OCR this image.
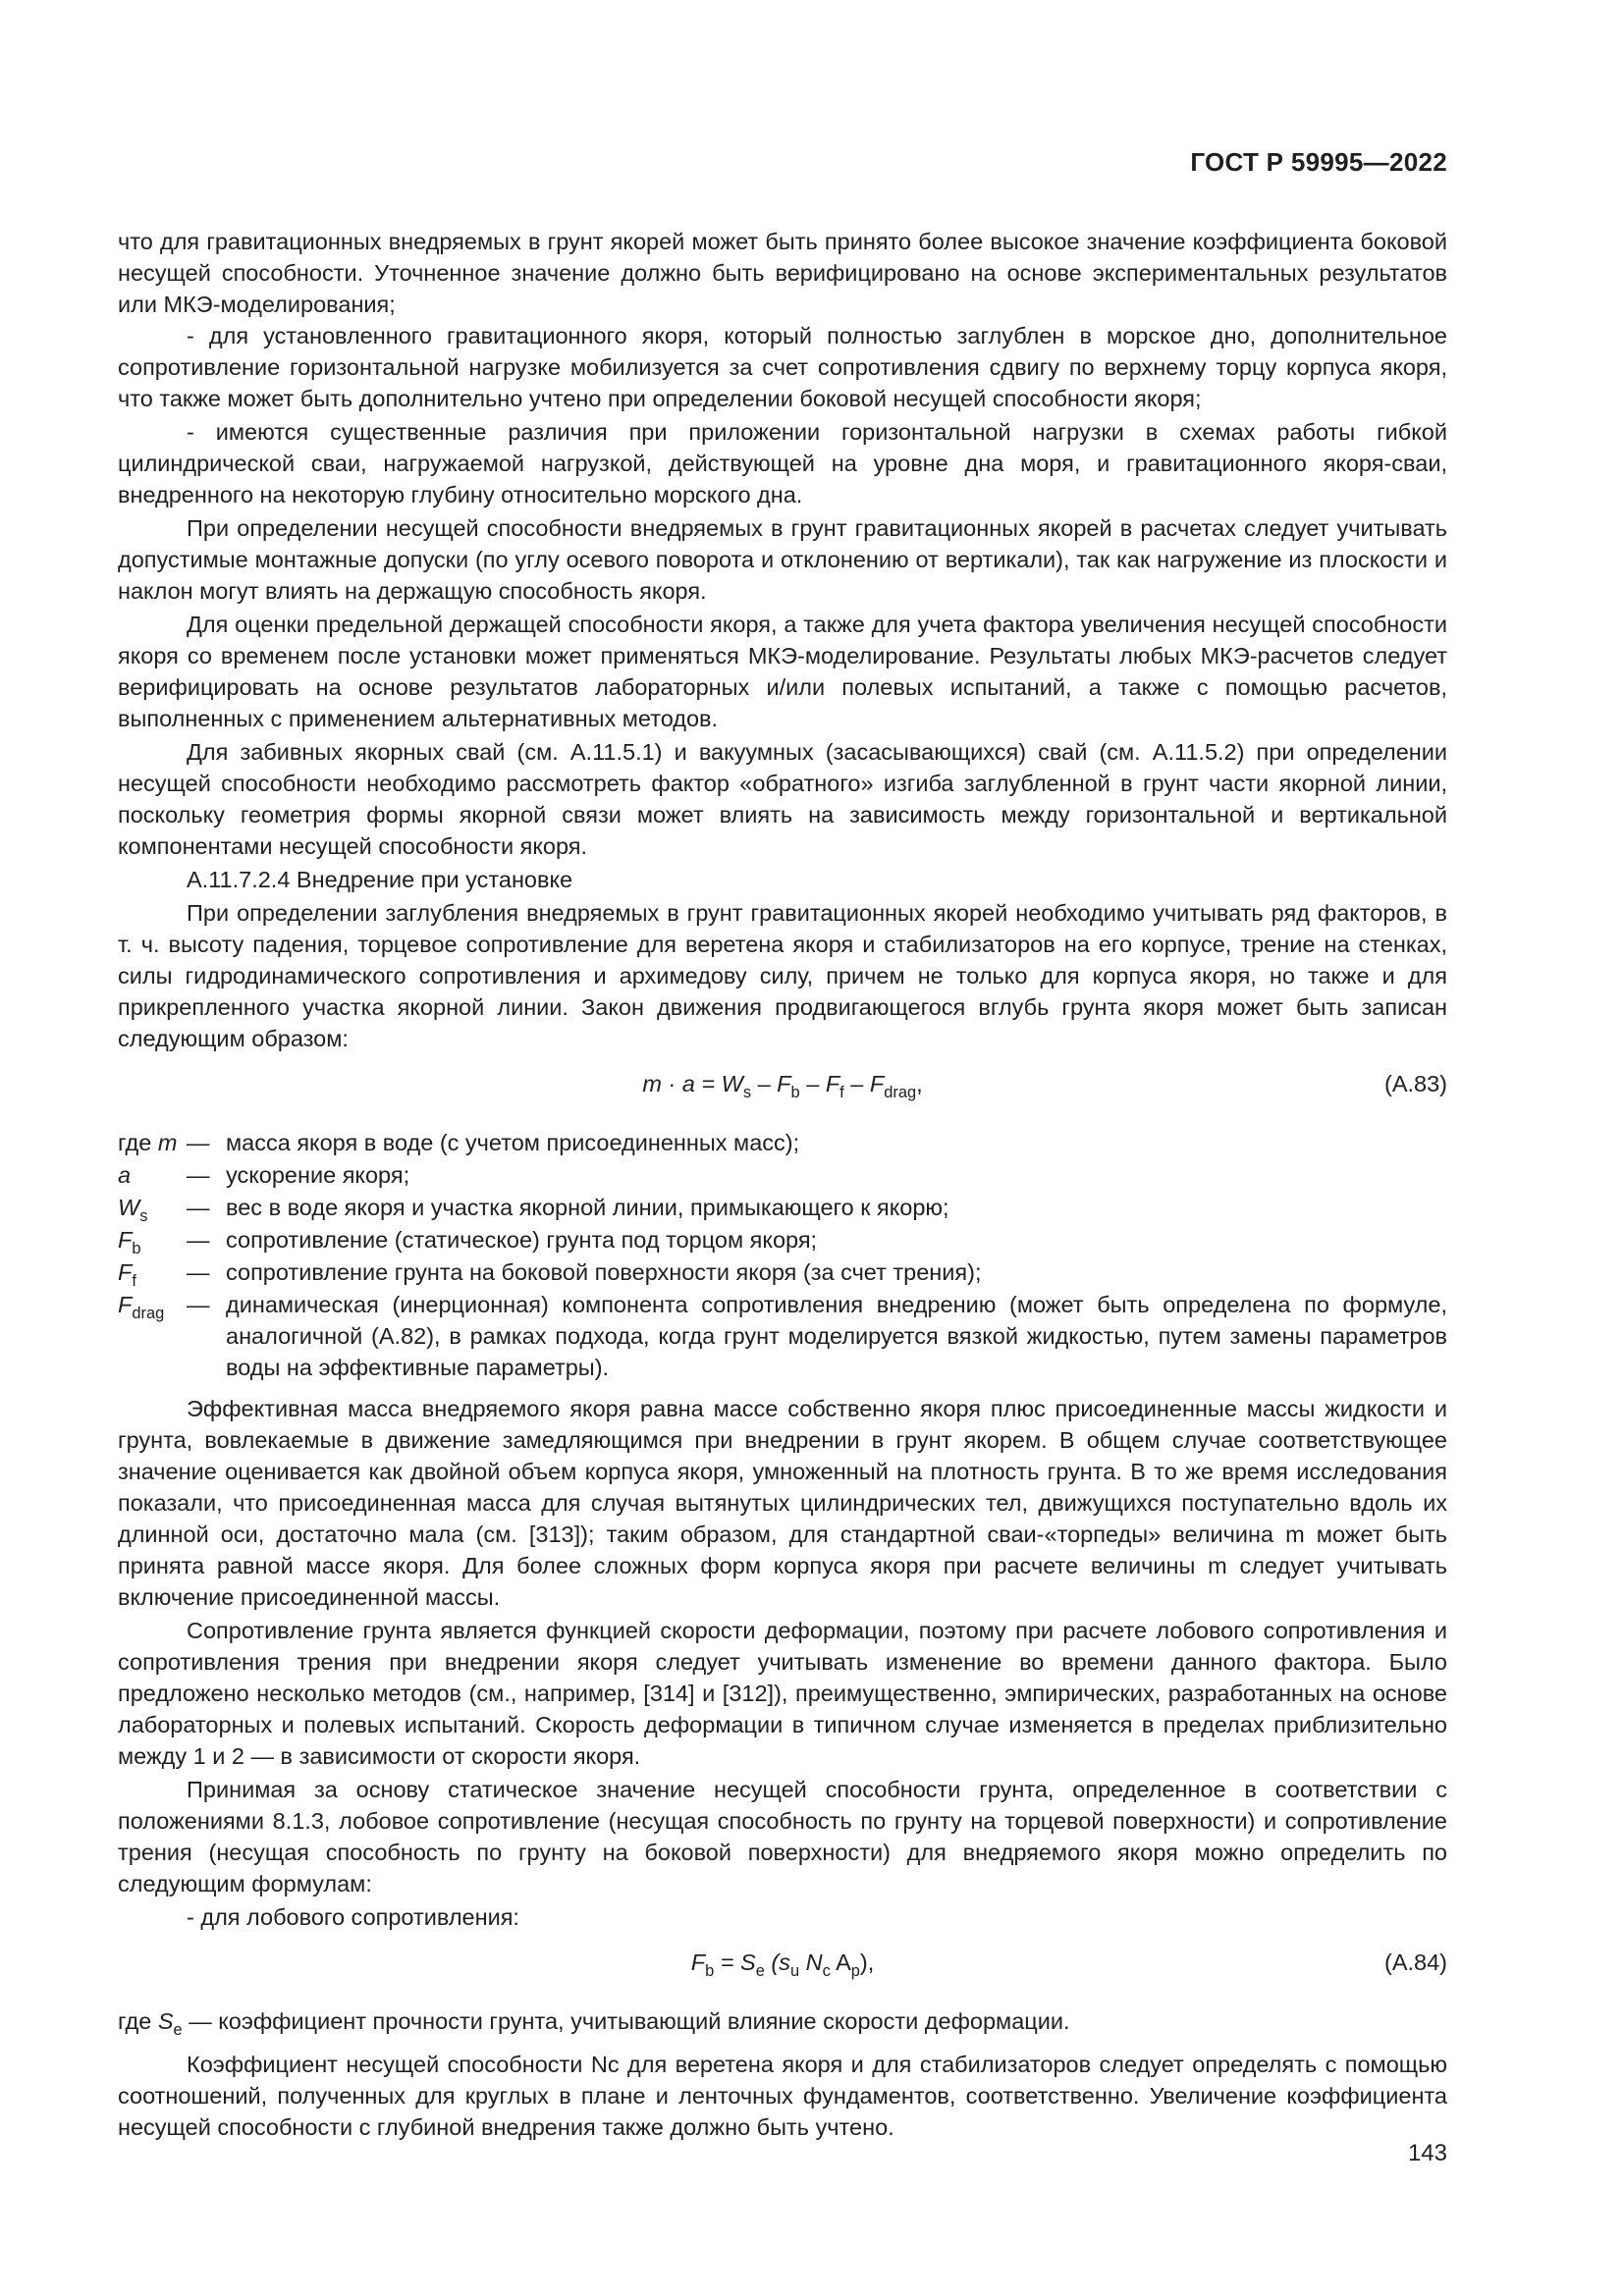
ГОСТ Р 59995—2022

что для гравитационных внедряемых в грунт якорей может быть принято более высокое значение коэффициента боковой несущей способности. Уточненное значение должно быть верифицировано на основе экспериментальных результатов или МКЭ-моделирования;

- для установленного гравитационного якоря, который полностью заглублен в морское дно, дополнительное сопротивление горизонтальной нагрузке мобилизуется за счет сопротивления сдвигу по верхнему торцу корпуса якоря, что также может быть дополнительно учтено при определении боковой несущей способности якоря;

- имеются существенные различия при приложении горизонтальной нагрузки в схемах работы гибкой цилиндрической сваи, нагружаемой нагрузкой, действующей на уровне дна моря, и гравитационного якоря-сваи, внедренного на некоторую глубину относительно морского дна.

При определении несущей способности внедряемых в грунт гравитационных якорей в расчетах следует учитывать допустимые монтажные допуски (по углу осевого поворота и отклонению от вертикали), так как нагружение из плоскости и наклон могут влиять на держащую способность якоря.

Для оценки предельной держащей способности якоря, а также для учета фактора увеличения несущей способности якоря со временем после установки может применяться МКЭ-моделирование. Результаты любых МКЭ-расчетов следует верифицировать на основе результатов лабораторных и/или полевых испытаний, а также с помощью расчетов, выполненных с применением альтернативных методов.

Для забивных якорных свай (см. А.11.5.1) и вакуумных (засасывающихся) свай (см. А.11.5.2) при определении несущей способности необходимо рассмотреть фактор «обратного» изгиба заглубленной в грунт части якорной линии, поскольку геометрия формы якорной связи может влиять на зависимость между горизонтальной и вертикальной компонентами несущей способности якоря.

А.11.7.2.4 Внедрение при установке

При определении заглубления внедряемых в грунт гравитационных якорей необходимо учитывать ряд факторов, в т. ч. высоту падения, торцевое сопротивление для веретена якоря и стабилизаторов на его корпусе, трение на стенках, силы гидродинамического сопротивления и архимедову силу, причем не только для корпуса якоря, но также и для прикрепленного участка якорной линии. Закон движения продвигающегося вглубь грунта якоря может быть записан следующим образом:

$m \cdot a = W_s - F_b - F_f - F_{drag}$,	(А.83)
где m — масса якоря в воде (с учетом присоединенных масс);
a	— ускорение якоря;
$W_s$	— вес в воде якоря и участка якорной линии, примыкающего к якорю;
$F_b$	— сопротивление (статическое) грунта под торцом якоря;
$F_f$	— сопротивление грунта на боковой поверхности якоря (за счет трения);
$F_{drag}$ — динамическая (инерционная) компонента сопротивления внедрению (может быть определена по формуле, аналогичной (А.82), в рамках подхода, когда грунт моделируется вязкой жидкостью, путем замены параметров воды на эффективные параметры).

Эффективная масса внедряемого якоря равна массе собственно якоря плюс присоединенные массы жидкости и грунта, вовлекаемые в движение замедляющимся при внедрении в грунт якорем. В общем случае соответствующее значение оценивается как двойной объем корпуса якоря, умноженный на плотность грунта. В то же время исследования показали, что присоединенная масса для случая вытянутых цилиндрических тел, движущихся поступательно вдоль их длинной оси, достаточно мала (см. [313]); таким образом, для стандартной сваи-«торпеды» величина m может быть принята равной массе якоря. Для более сложных форм корпуса якоря при расчете величины m следует учитывать включение присоединенной массы.

Сопротивление грунта является функцией скорости деформации, поэтому при расчете лобового сопротивления и сопротивления трения при внедрении якоря следует учитывать изменение во времени данного фактора. Было предложено несколько методов (см., например, [314] и [312]), преимущественно, эмпирических, разработанных на основе лабораторных и полевых испытаний. Скорость деформации в типичном случае изменяется в пределах приблизительно между 1 и 2 — в зависимости от скорости якоря.

Принимая за основу статическое значение несущей способности грунта, определенное в соответствии с положениями 8.1.3, лобовое сопротивление (несущая способность по грунту на торцевой поверхности) и сопротивление трения (несущая способность по грунту на боковой поверхности) для внедряемого якоря можно определить по следующим формулам:

- для лобового сопротивления:

$F_b = S_e$ ($s_u$ $N_c$ $A_p$),	(А.84)

где $S_e$ — коэффициент прочности грунта, учитывающий влияние скорости деформации.

Коэффициент несущей способности Nc для веретена якоря и для стабилизаторов следует определять с помощью соотношений, полученных для круглых в плане и ленточных фундаментов, соответственно. Увеличение коэффициента несущей способности с глубиной внедрения также должно быть учтено.

143
